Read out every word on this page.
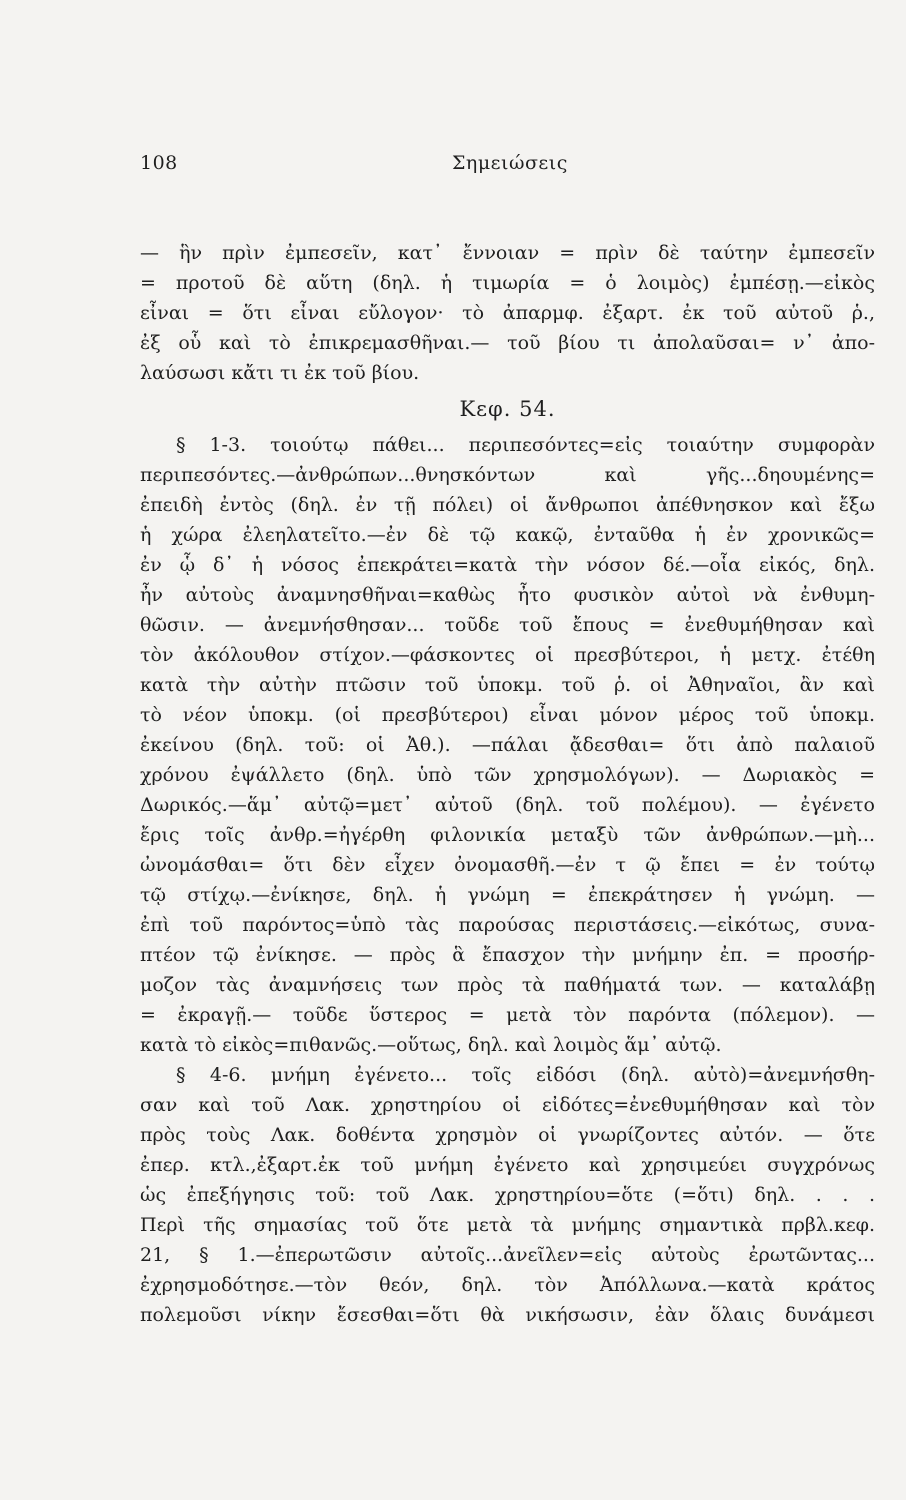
108	Σημειώσεις
— ἣν πρὶν ἐμπεσεῖν, κατ᾽ ἔννοιαν = πρὶν δὲ ταύτην ἐμπεσεῖν
= προτοῦ δὲ αὕτη (δηλ. ἡ τιμωρία = ὁ λοιμὸς) ἐμπέσῃ.—εἰκὸς
εἶναι = ὅτι εἶναι εὔλογον· τὸ ἀπαρμφ. ἐξαρτ. ἐκ τοῦ αὐτοῦ ῥ.,
ἐξ οὗ καὶ τὸ ἐπικρεμασθῆναι.— τοῦ βίου τι ἀπολαῦσαι= ν᾽ ἀπο-
λαύσωσι κἄτι τι ἐκ τοῦ βίου.
Κεφ. 54.
§ 1-3. τοιούτῳ πάθει... περιπεσόντες=εἰς τοιαύτην συμφορὰν
περιπεσόντες.—ἀνθρώπων...θνησκόντων καὶ γῆς...δηουμένης=
ἐπειδὴ ἐντὸς (δηλ. ἐν τῇ πόλει) οἱ ἄνθρωποι ἀπέθνησκον καὶ ἔξω
ἡ χώρα ἐλεηλατεῖτο.—ἐν δὲ τῷ κακῷ, ἐνταῦθα ἡ ἐν χρονικῶς=
ἐν ᾧ δ᾽ ἡ νόσος ἐπεκράτει=κατὰ τὴν νόσον δέ.—οἷα εἰκός, δηλ.
ἦν αὐτοὺς ἀναμνησθῆναι=καθὼς ἦτο φυσικὸν αὐτοὶ νὰ ἐνθυμη-
θῶσιν. — ἀνεμνήσθησαν... τοῦδε τοῦ ἔπους = ἐνεθυμήθησαν καὶ
τὸν ἀκόλουθον στίχον.—φάσκοντες οἱ πρεσβύτεροι, ἡ μετχ. ἐτέθη
κατὰ τὴν αὐτὴν πτῶσιν τοῦ ὑποκμ. τοῦ ῥ. οἱ Ἀθηναῖοι, ἂν καὶ
τὸ νέον ὑποκμ. (οἱ πρεσβύτεροι) εἶναι μόνον μέρος τοῦ ὑποκμ.
ἐκείνου (δηλ. τοῦ: οἱ Ἀθ.). —πάλαι ᾄδεσθαι= ὅτι ἀπὸ παλαιοῦ
χρόνου ἐψάλλετο (δηλ. ὑπὸ τῶν χρησμολόγων). — Δωριακὸς =
Δωρικός.—ἅμ᾽ αὐτῷ=μετ᾽ αὐτοῦ (δηλ. τοῦ πολέμου). — ἐγένετο
ἔρις τοῖς ἀνθρ.=ἠγέρθη φιλονικία μεταξὺ τῶν ἀνθρώπων.—μὴ...
ὠνομάσθαι= ὅτι δὲν εἶχεν ὀνομασθῆ.—ἐν τ ῷ ἔπει = ἐν τούτῳ
τῷ στίχῳ.—ἐνίκησε, δηλ. ἡ γνώμη = ἐπεκράτησεν ἡ γνώμη. —
ἐπὶ τοῦ παρόντος=ὑπὸ τὰς παρούσας περιστάσεις.—εἰκότως, συνα-
πτέον τῷ ἐνίκησε. — πρὸς ἃ ἔπασχον τὴν μνήμην ἐπ. = προσήρ-
μοζον τὰς ἀναμνήσεις των πρὸς τὰ παθήματά των. — καταλάβῃ
= ἐκραγῇ.— τοῦδε ὕστερος = μετὰ τὸν παρόντα (πόλεμον). —
κατὰ τὸ εἰκὸς=πιθανῶς.—οὕτως, δηλ. καὶ λοιμὸς ἅμ᾽ αὐτῷ.
§ 4-6. μνήμη ἐγένετο... τοῖς εἰδόσι (δηλ. αὐτὸ)=ἀνεμνήσθη-
σαν καὶ τοῦ Λακ. χρηστηρίου οἱ εἰδότες=ἐνεθυμήθησαν καὶ τὸν
πρὸς τοὺς Λακ. δοθέντα χρησμὸν οἱ γνωρίζοντες αὐτόν. — ὅτε
ἐπερ. κτλ.,ἐξαρτ.ἐκ τοῦ μνήμη ἐγένετο καὶ χρησιμεύει συγχρόνως
ὡς ἐπεξήγησις τοῦ: τοῦ Λακ. χρηστηρίου=ὅτε (=ὅτι) δηλ. . . .
Περὶ τῆς σημασίας τοῦ ὅτε μετὰ τὰ μνήμης σημαντικὰ πρβλ.κεφ.
21, § 1.—ἐπερωτῶσιν αὐτοῖς...ἀνεῖλεν=εἰς αὐτοὺς ἐρωτῶντας...
ἐχρησμοδότησε.—τὸν θεόν, δηλ. τὸν Ἀπόλλωνα.—κατὰ κράτος
πολεμοῦσι νίκην ἔσεσθαι=ὅτι θὰ νικήσωσιν, ἐὰν ὅλαις δυνάμεσι
